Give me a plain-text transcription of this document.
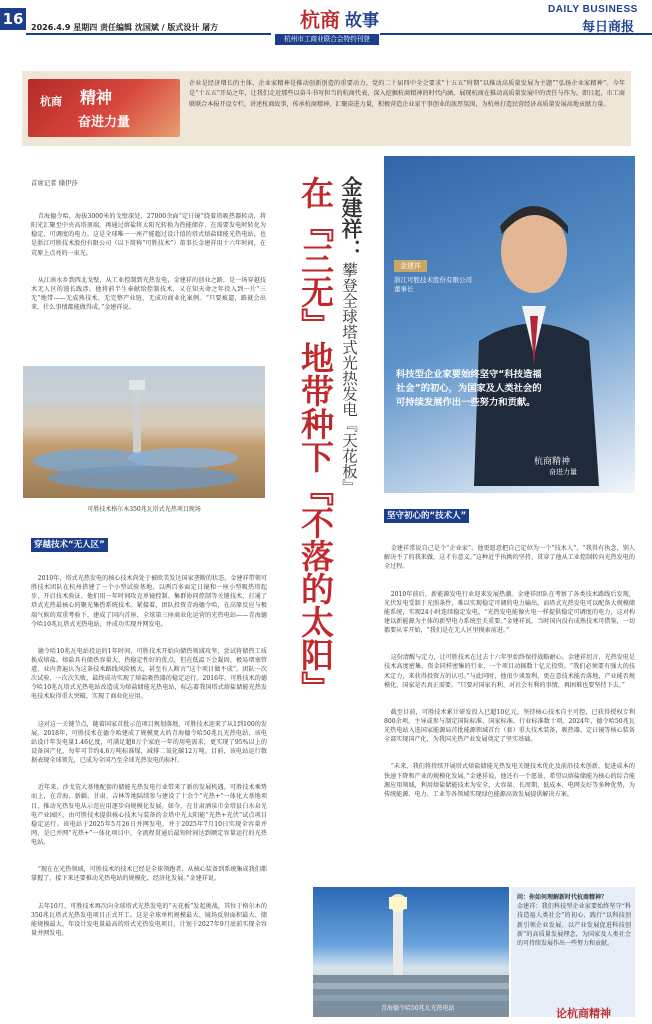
16 2026.4.9 星期四 责任编辑 沈国斌 / 版式设计 屠方	杭商 故事
杭州市工商业联合会特约刊登
DAILY BUSINESS
每日商报
杭商 精神
奋进力量
企业是经济增长的主体，企业家精神是推动创新创造的重要动力。党的二十届四中全会要求“十五五”时期“以推动高质量发展为主题”“弘扬企业家精神”。今年是“十五五”开局之年，让我们走近那些以奋斗书写担当的杭商代表，深入挖掘杭商精神的时代内涵，展现杭商在推动高质量发展中的责任与作为。即日起，市工商联联合本报开设专栏，讲述杭商故事，传承杭商精神，汇聚奋进力量，积极营造企业家干事创业的浓厚氛围，为杭州打造民营经济高质量发展高地贡献力量。
首席记者 储伊莎

青海德令哈，海拔3000米的戈壁深处，27000余面“定日镜”绕着塔吸热器转动，将阳光汇聚至中央高塔顶端，再通过熔盐将太阳光转换为热能储存，在需要发电时转化为稳定、可调度的电力。这是全球唯一一座产能超过设计值的塔式熔盐储能光热电站，也是浙江可胜技术股份有限公司（以下简称“可胜技术”）董事长金建祥用十六年时间，在荒原上点亮的一束光。

从江南水乡到西北戈壁，从工业控制到光热发电，金建祥的创业之路，是一场穿越技术无人区的漫长跋涉。他将前半生奉献给控制技术，又在知天命之年投入到一片“三无”地带——无成熟技术、无完整产业链、无成功商业化案例。“只要被逼，路就会出来，什么事情都能做得成。”金建祥说。

可胜技术格尔木350兆瓦塔式光热项目现场
穿越技术“无人区”

2010年，塔式光热发电的核心技术尚处于被欧美发达国家垄断的状态。金建祥带领可胜技术团队在杭州搭建了一个小型试验基地，以两百多面定日镜和一座小型吸热塔起步，开启技术验证。他们用一年时间攻克单镜控制、集群协同控制等关键技术，打通了塔式光热最核心的聚光集热系统技术。紧接着，团队投资青海德令哈，在高原反应与极端气候的双重考验下，建成了国内首座、全球第三座商业化运营的光热电站——青海德令哈10兆瓦塔式光热电站，并成功实现并网发电。

德令哈10兆瓦电站投运的1年时间，可胜技术开始向储热领域攻坚，尝试将储热工质换成熔盐。熔盐具有储热容量大、热稳定性好的优点，但在低温下会凝固，极易堵塞管道，业内普遍认为这条技术路线风险极大，甚至有人断言“这个项目做不成”。团队一次次试验、一次次失败，最终成功实现了熔盐吸热器的稳定运行。2016年，可胜技术的德令哈10兆瓦塔式光热电站改造成为熔盐储能光热电站，标志着我国塔式熔盐储能光热发电技术取得重大突破，实现了商业化应用。

这对这一关键节点，随着国家首批示范项目规划落地，可胜技术迎来了从1到100的发展。2018年，可胜技术在德令哈建成了规模更大的青海德令哈50兆瓦光热电站，该电站设计年发电量1.46亿度，可满足超8万个家庭一年的用电需求，更实现了95%以上的设备国产化，每年可节约4.6万吨标准煤，减排二氧化碳12万吨。目前，该电站运行数据表现全球领先，已成为全国乃至全球光热发电的标杆。

近年来，沙戈荒大基地配套的储能光热发电行业带来了新的发展机遇。可胜技术乘势而上，在青海、新疆、甘肃、吉林等地陆续参与建设了十余个“光热+”一体化大基地项目，推动光热发电从示范应用逐步向规模化发展。如今，在甘肃酒泉市金塔县白水泉光电产业园区，由可胜技术提供核心技术与装备的金塔中光太阳能“光热+光伏”试点项目稳定运行。该电站于2025年5月26日并网发电，并于2025年7月10日实现全容量并网，是已并网“光热+”一体化项目中，全流程贯通后最短时间达到额定容量运行的光热电站。

“现在在光热领域，可胜技术的技术已经是全球领跑者，从核心装备到系统集成我们都掌握了，接下来还要推动光热电站的规模化、经济化发展。”金建祥说。

去年10月，可胜技术再次向全球塔式光热发电的“天花板”发起挑战，其位于格尔木的350兆瓦塔式光热发电项目正式开工。这是全球单机规模最大、镜场反射面积最大、储能规模最大、年设计发电量最高的塔式光热发电项目，计划于2027年9月底前实现全容量并网发电。

金建祥：
攀登全球塔式光热发电『天花板』
在『三无』地带种下『不落的太阳』	金建祥
浙江可胜技术股份有限公司董事长
科技型企业家要始终坚守“科技造福社会”的初心，为国家及人类社会的可持续发展作出一些努力和贡献。
杭商精神
奋进力量
坚守初心的“技术人”

金建祥常说自己是个“企业家”，他更愿意把自己定位为一个“技术人”。“我得有执念，别人解决不了的我来做，这才有意义。”这种近乎执拗的坚持，贯穿了他从工业控制转向光热发电的全过程。

2010年前后，新能源发电行业迎来发展热潮。金建祥团队在考察了各类技术路线后发现，光伏发电受制于光照条件，难以实现稳定可调的电力输出，而塔式光热发电可以配备大规模储能系统，实现24小时连续稳定发电。“光热发电能像火电一样提供稳定可调度的电力，这对构建以新能源为主体的新型电力系统至关重要。”金建祥说，当时国内没有成熟技术可借鉴，一切都要从零开始，“我们是在无人区里摸索前进。”

这份清醒与定力，让可胜技术在过去十六年里始终保持战略耐心。金建祥坦言，光热发电是技术高度密集、资金同样密集的行业，一个项目动辄数十亿元投资。“我们必须要有强大的技术定力，来获得投资方的认可。”与此同时，他很少谈盈利，更在意技术能否落地，产业能否规模化，国家是否真正需要。“只要对国家有利、对社会有利的事情，再困难也要坚持下去。”

截至目前，可胜技术累计研发投入已超10亿元，坚持核心技术自主可控，已获得授权专利800余项，主导或参与制定国际标准、国家标准、行业标准数十项。2024年，德令哈50兆瓦光热电站入选国家能源局首批能源领域首台（套）重大技术装备，吸热器、定日镜等核心装备全部实现国产化，为我国光热产业发展奠定了坚实基础。

“未来，我们将持续开展塔式熔盐储能光热发电关键技术优化及前沿技术创新，促进成本的快速下降和产业的规模化发展。”金建祥说，他还有一个愿景，希望以熔盐储能为核心的综合能源应用领域，利用熔盐储能技术为安全、大容量、长周期、低成本、电网友好等多种优势，为传统能源、电力、工业等各领域实现绿色能源高效发展提供解决方案。

青海德令哈50兆瓦光热电站
问：你如何理解新时代杭商精神？
金建祥：我们科技型企业家要始终坚守“科技造福人类社会”的初心，践行“以科技创新引领企业发展、以产业发展促进科技创新”的高质量发展理念，为国家及人类社会的可持续发展作出一些努力和贡献。
论杭商精神
